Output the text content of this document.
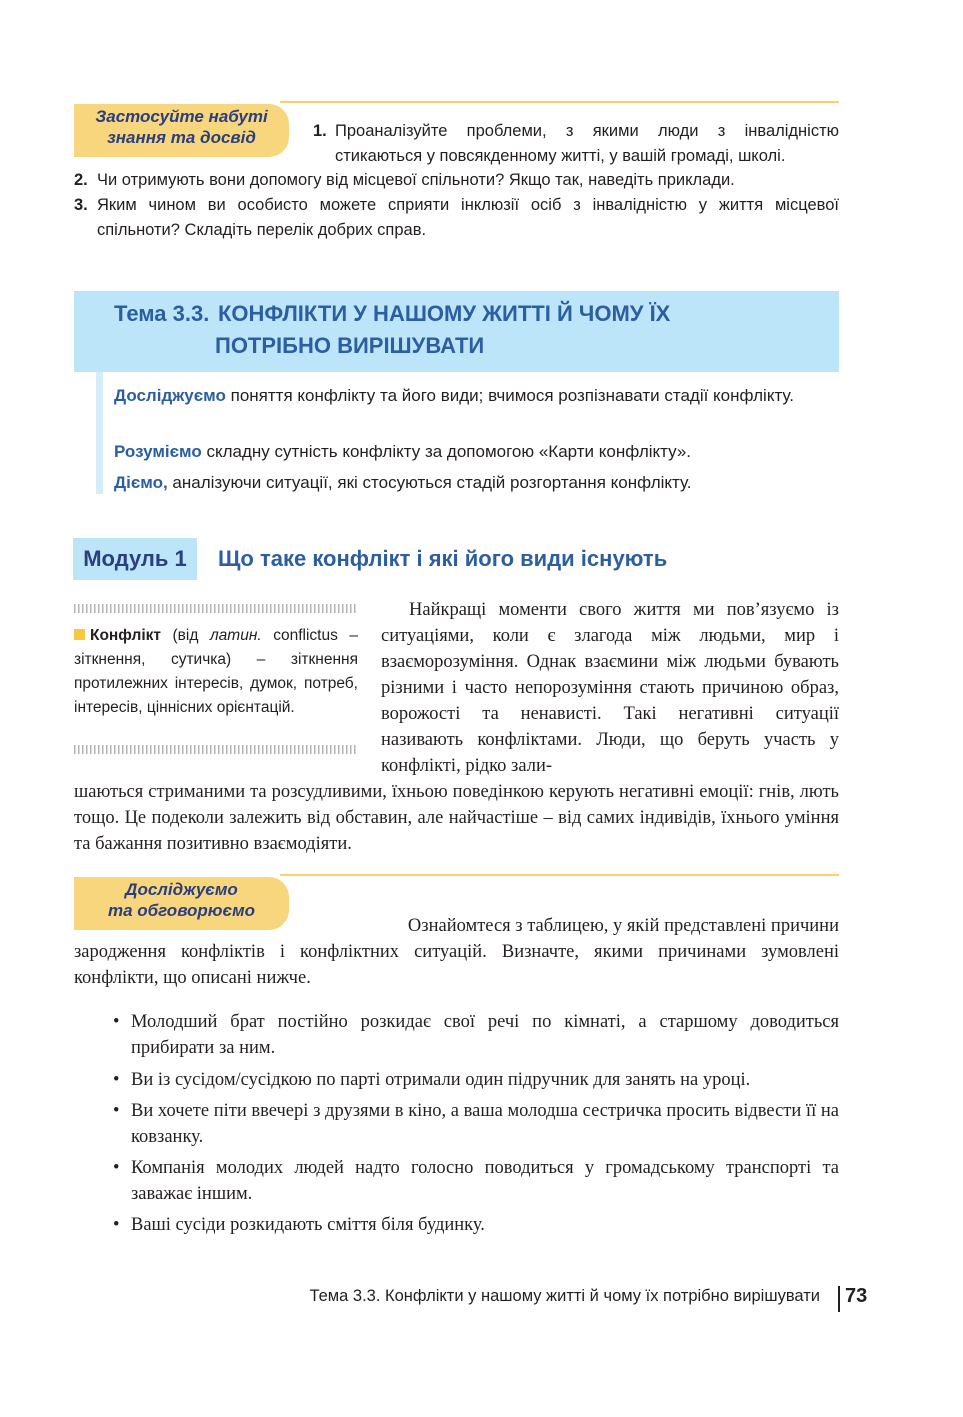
Застосуйте набуті
знання та досвід	1. Проаналізуйте проблеми, з якими люди з інвалідністю стикаються у повсякденному житті, у вашій громаді, школі.
2. Чи отримують вони допомогу від місцевої спільноти? Якщо так, наведіть приклади.
3. Яким чином ви особисто можете сприяти інклюзії осіб з інвалідністю у життя місцевої спільноти? Складіть перелік добрих справ.
Тема 3.3. КОНФЛІКТИ У НАШОМУ ЖИТТІ Й ЧОМУ ЇХ
ПОТРІБНО ВИРІШУВАТИ
Досліджуємо поняття конфлікту та його види; вчимося розпізнавати стадії конфлікту.
Розуміємо складну сутність конфлікту за допомогою «Карти конфлікту».
Діємо, аналізуючи ситуації, які стосуються стадій розгортання конфлікту.
Модуль 1	Що таке конфлікт і які його види існують
Конфлікт (від латин. conflictus – зіткнення, сутичка) – зіткнення протилежних інтересів, думок, потреб, інтересів, ціннісних орієнтацій.
Найкращі моменти свого життя ми пов’язуємо із ситуаціями, коли є злагода між людьми, мир і взаєморозуміння. Однак взаємини між людьми бувають різними і часто непорозуміння стають причиною образ, ворожості та ненависті. Такі негативні ситуації називають конфліктами. Люди, що беруть участь у конфлікті, рідко зали-
шаються стриманими та розсудливими, їхньою поведінкою керують негативні емоції: гнів, лють тощо. Це подеколи залежить від обставин, але найчастіше – від самих індивідів, їхнього уміння та бажання позитивно взаємодіяти.
Досліджуємо
та обговорюємо
Ознайомтеся з таблицею, у якій представлені причини
зародження конфліктів і конфліктних ситуацій. Визначте, якими причинами зумовлені конфлікти, що описані нижче.
• Молодший брат постійно розкидає свої речі по кімнаті, а старшому доводиться прибирати за ним.
• Ви із сусідом/сусідкою по парті отримали один підручник для занять на уроці.
• Ви хочете піти ввечері з друзями в кіно, а ваша молодша сестричка просить відвести її на ковзанку.
• Компанія молодих людей надто голосно поводиться у громадському транспорті та заважає іншим.
• Ваші сусіди розкидають сміття біля будинку.
Тема 3.3. Конфлікти у нашому житті й чому їх потрібно вирішувати 73
